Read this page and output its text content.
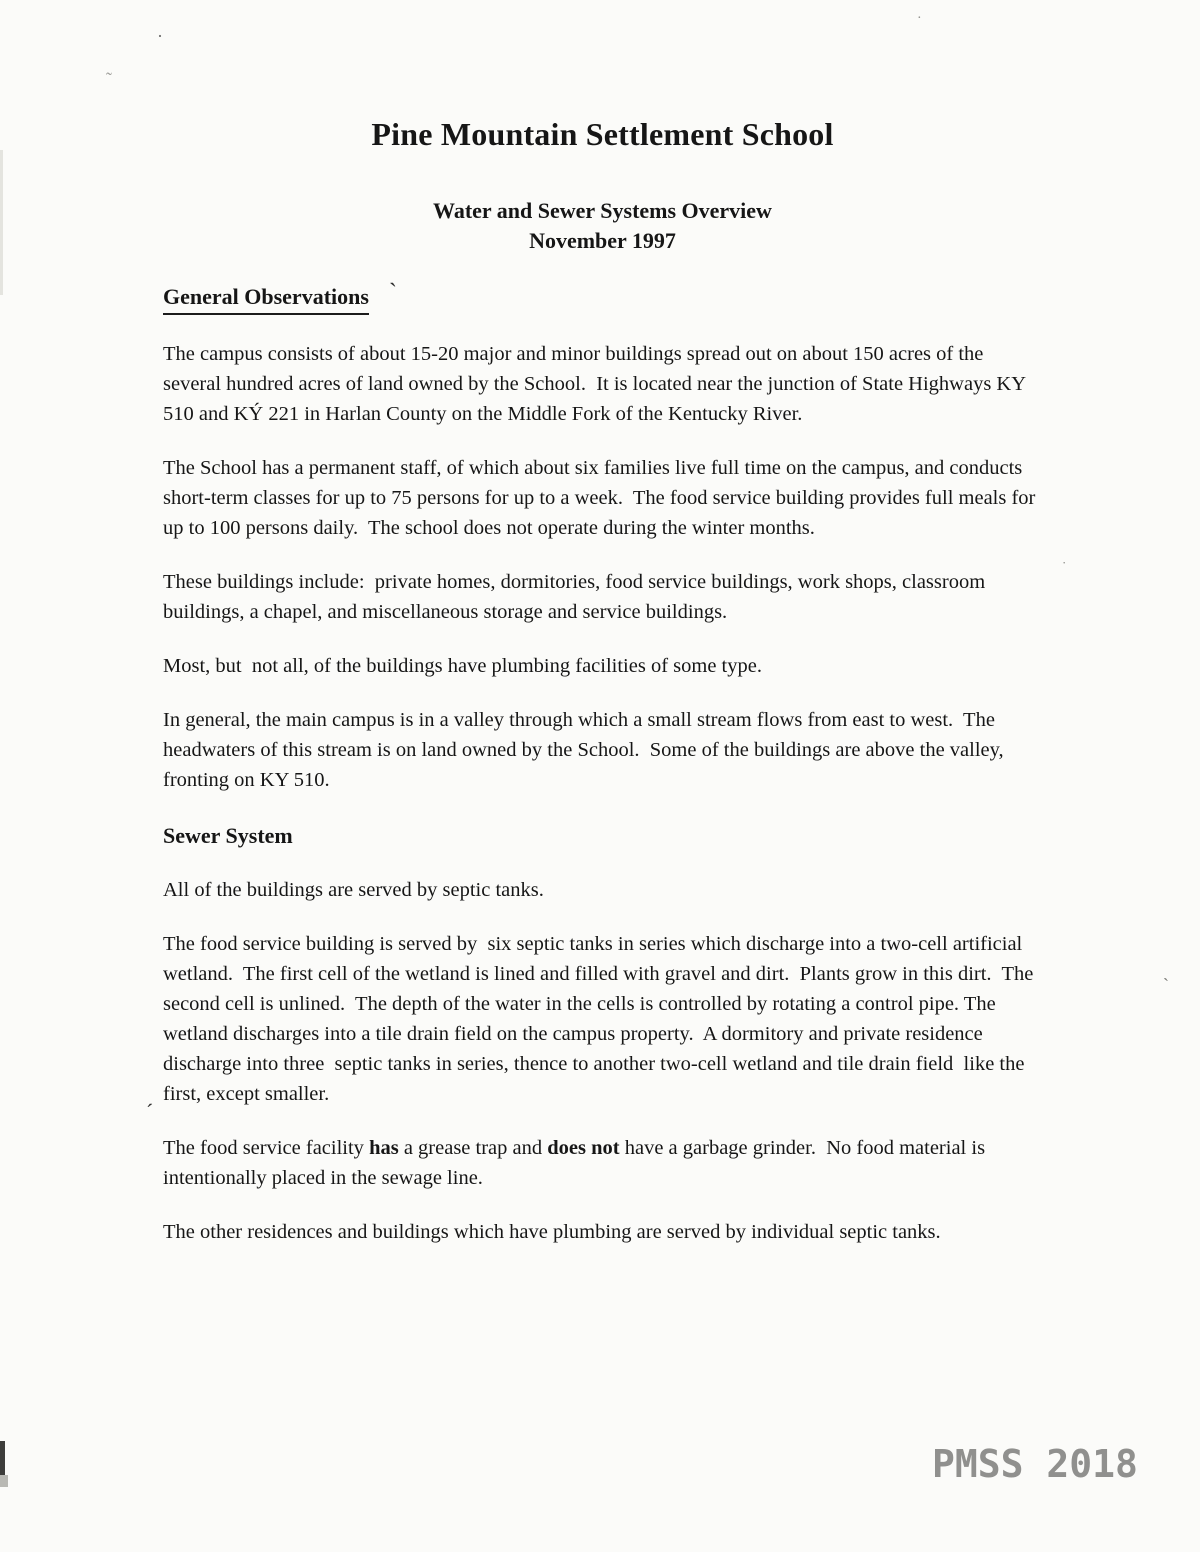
Pine Mountain Settlement School
Water and Sewer Systems Overview
November 1997
General Observations

The campus consists of about 15-20 major and minor buildings spread out on about 150 acres of the several hundred acres of land owned by the School.  It is located near the junction of State Highways KY 510 and KÝ 221 in Harlan County on the Middle Fork of the Kentucky River.

The School has a permanent staff, of which about six families live full time on the campus, and conducts short-term classes for up to 75 persons for up to a week.  The food service building provides full meals for up to 100 persons daily.  The school does not operate during the winter months.

These buildings include:  private homes, dormitories, food service buildings, work shops, classroom buildings, a chapel, and miscellaneous storage and service buildings.

Most, but  not all, of the buildings have plumbing facilities of some type.

In general, the main campus is in a valley through which a small stream flows from east to west.  The headwaters of this stream is on land owned by the School.  Some of the buildings are above the valley, fronting on KY 510.

Sewer System

All of the buildings are served by septic tanks.

The food service building is served by  six septic tanks in series which discharge into a two-cell artificial wetland.  The first cell of the wetland is lined and filled with gravel and dirt.  Plants grow in this dirt.  The second cell is unlined.  The depth of the water in the cells is controlled by rotating a control pipe. The wetland discharges into a tile drain field on the campus property.  A dormitory and private residence discharge into three  septic tanks in series, thence to another two-cell wetland and tile drain field  like the first, except smaller.

The food service facility has a grease trap and does not have a garbage grinder.  No food material is intentionally placed in the sewage line.

The other residences and buildings which have plumbing are served by individual septic tanks.

PMSS 2018
`
´
·
˜
·
ˏ
·
